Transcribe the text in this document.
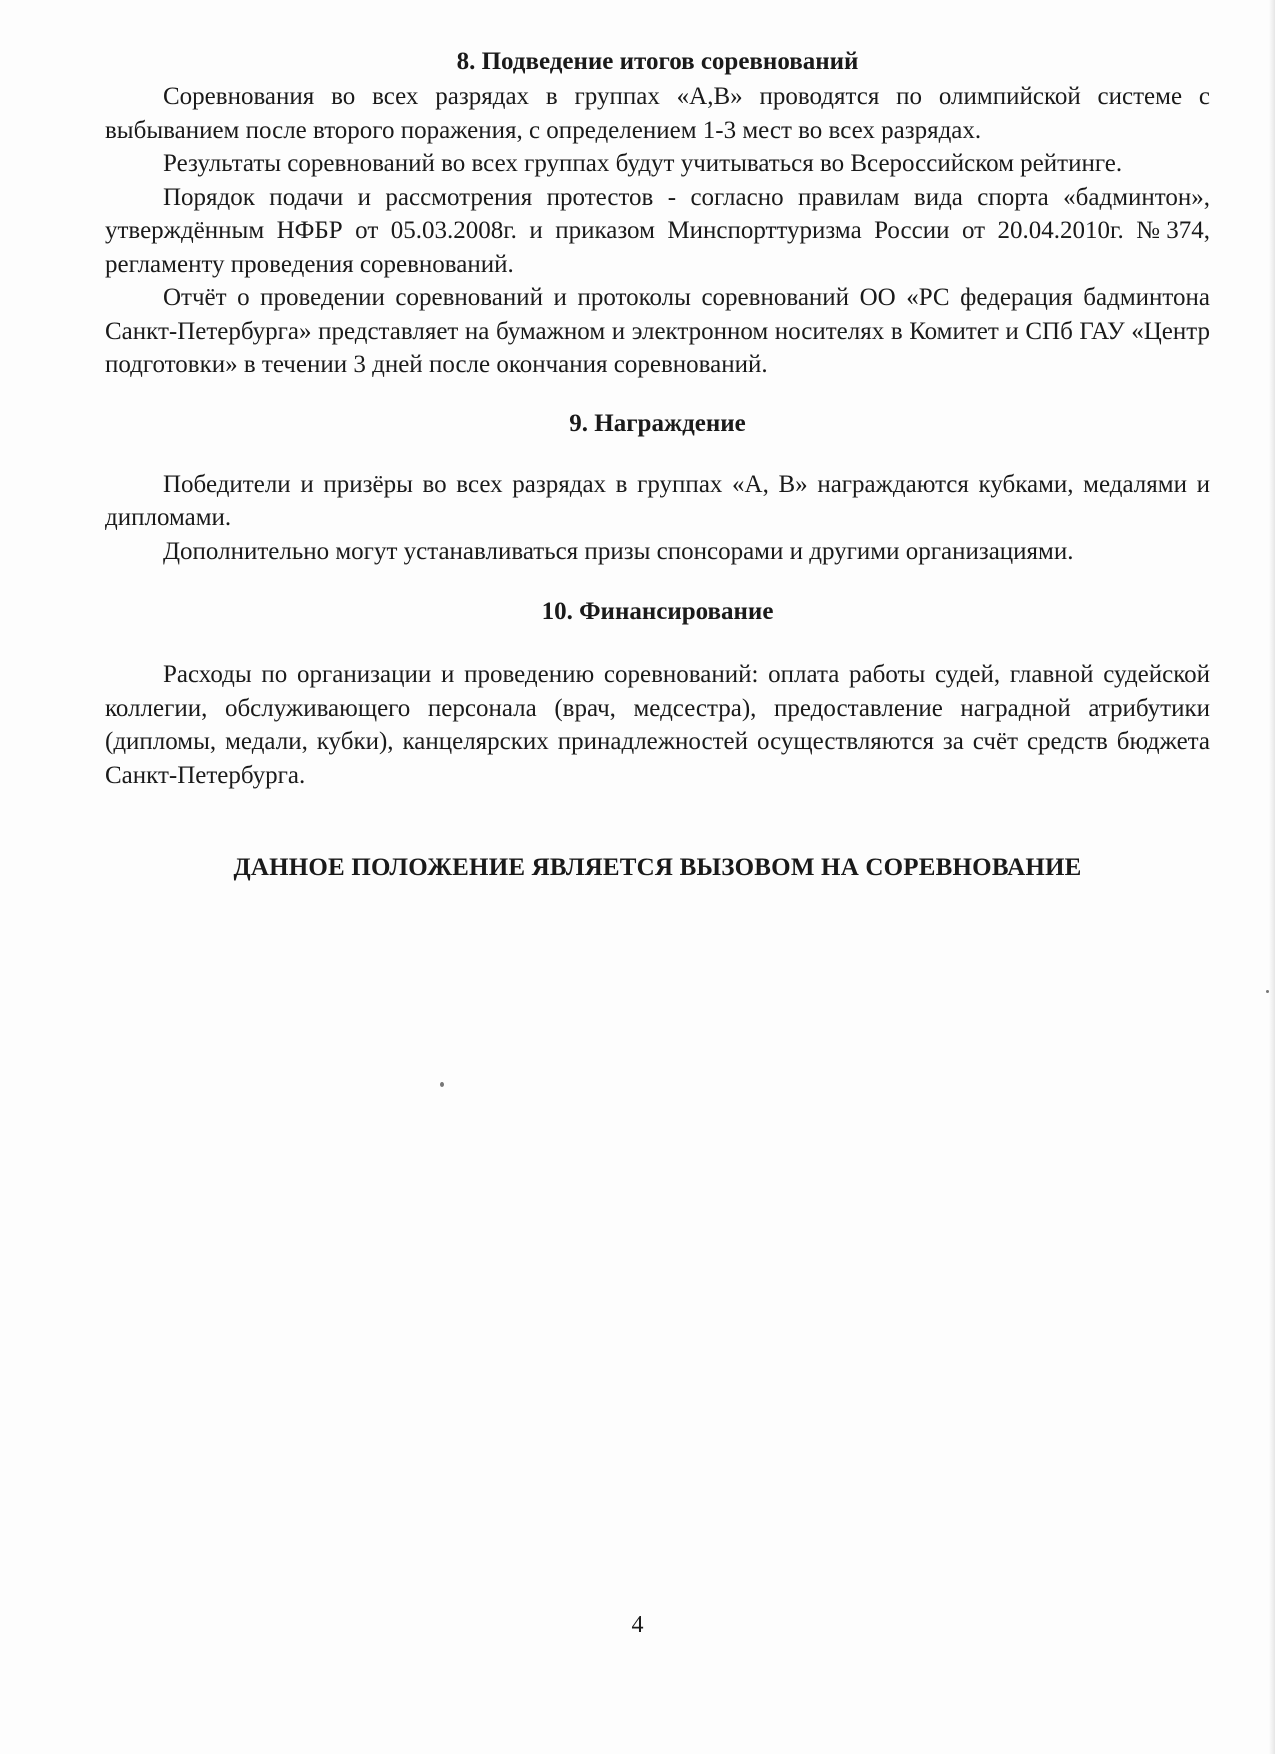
8. Подведение итогов соревнований

Соревнования во всех разрядах в группах «А,В» проводятся по олимпийской системе с выбыванием после второго поражения, с определением 1-3 мест во всех разрядах.

Результаты соревнований во всех группах будут учитываться во Всероссийском рейтинге.

Порядок подачи и рассмотрения протестов - согласно правилам вида спорта «бадминтон», утверждённым НФБР от 05.03.2008г. и приказом Минспорттуризма России от 20.04.2010г. №374, регламенту проведения соревнований.

Отчёт о проведении соревнований и протоколы соревнований ОО «РС федерация бадминтона Санкт-Петербурга» представляет на бумажном и электронном носителях в Комитет и СПб ГАУ «Центр подготовки» в течении 3 дней после окончания соревнований.

9. Награждение

Победители и призёры во всех разрядах в группах «А, В» награждаются кубками, медалями и дипломами.

Дополнительно могут устанавливаться призы спонсорами и другими организациями.

10. Финансирование

Расходы по организации и проведению соревнований: оплата работы судей, главной судейской коллегии, обслуживающего персонала (врач, медсестра), предоставление наградной атрибутики (дипломы, медали, кубки), канцелярских принадлежностей осуществляются за счёт средств бюджета Санкт-Петербурга.

ДАННОЕ ПОЛОЖЕНИЕ ЯВЛЯЕТСЯ ВЫЗОВОМ НА СОРЕВНОВАНИЕ

4
